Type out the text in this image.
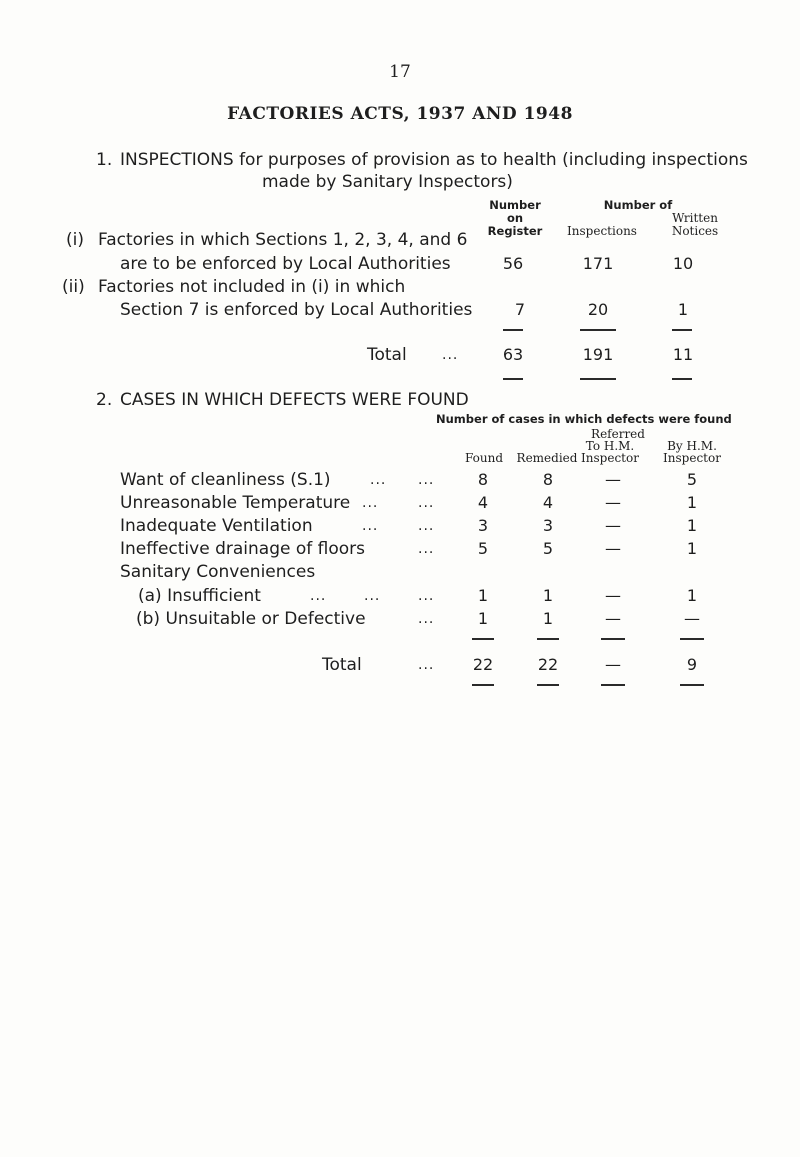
17
FACTORIES ACTS, 1937 AND 1948
1. INSPECTIONS for purposes of provision as to health (including inspections
made by Sanitary Inspectors)
Number
on
Register
Number of
Written
Notices
Inspections
(i) Factories in which Sections 1, 2, 3, 4, and 6
are to be enforced by Local Authorities	56	171	10
(ii) Factories not included in (i) in which
Section 7 is enforced by Local Authorities	7	20	1
Total	...	63	191	11
2. CASES IN WHICH DEFECTS WERE FOUND
Number of cases in which defects were found
Referred
To H.M.
Inspector
By H.M.
Inspector
Found	Remedied
Want of cleanliness (S.1)	... ...	8	8	—	5
Unreasonable Temperature ...	...	4	4	—	1
Inadequate Ventilation	...	...	3	3	—	1
Ineffective drainage of floors	...	5	5	—	1
Sanitary Conveniences
(a) Insufficient	...	...	...	1	1	—	1
(b) Unsuitable or Defective	...	1	1	—	—
Total	...	22	22	—	9
